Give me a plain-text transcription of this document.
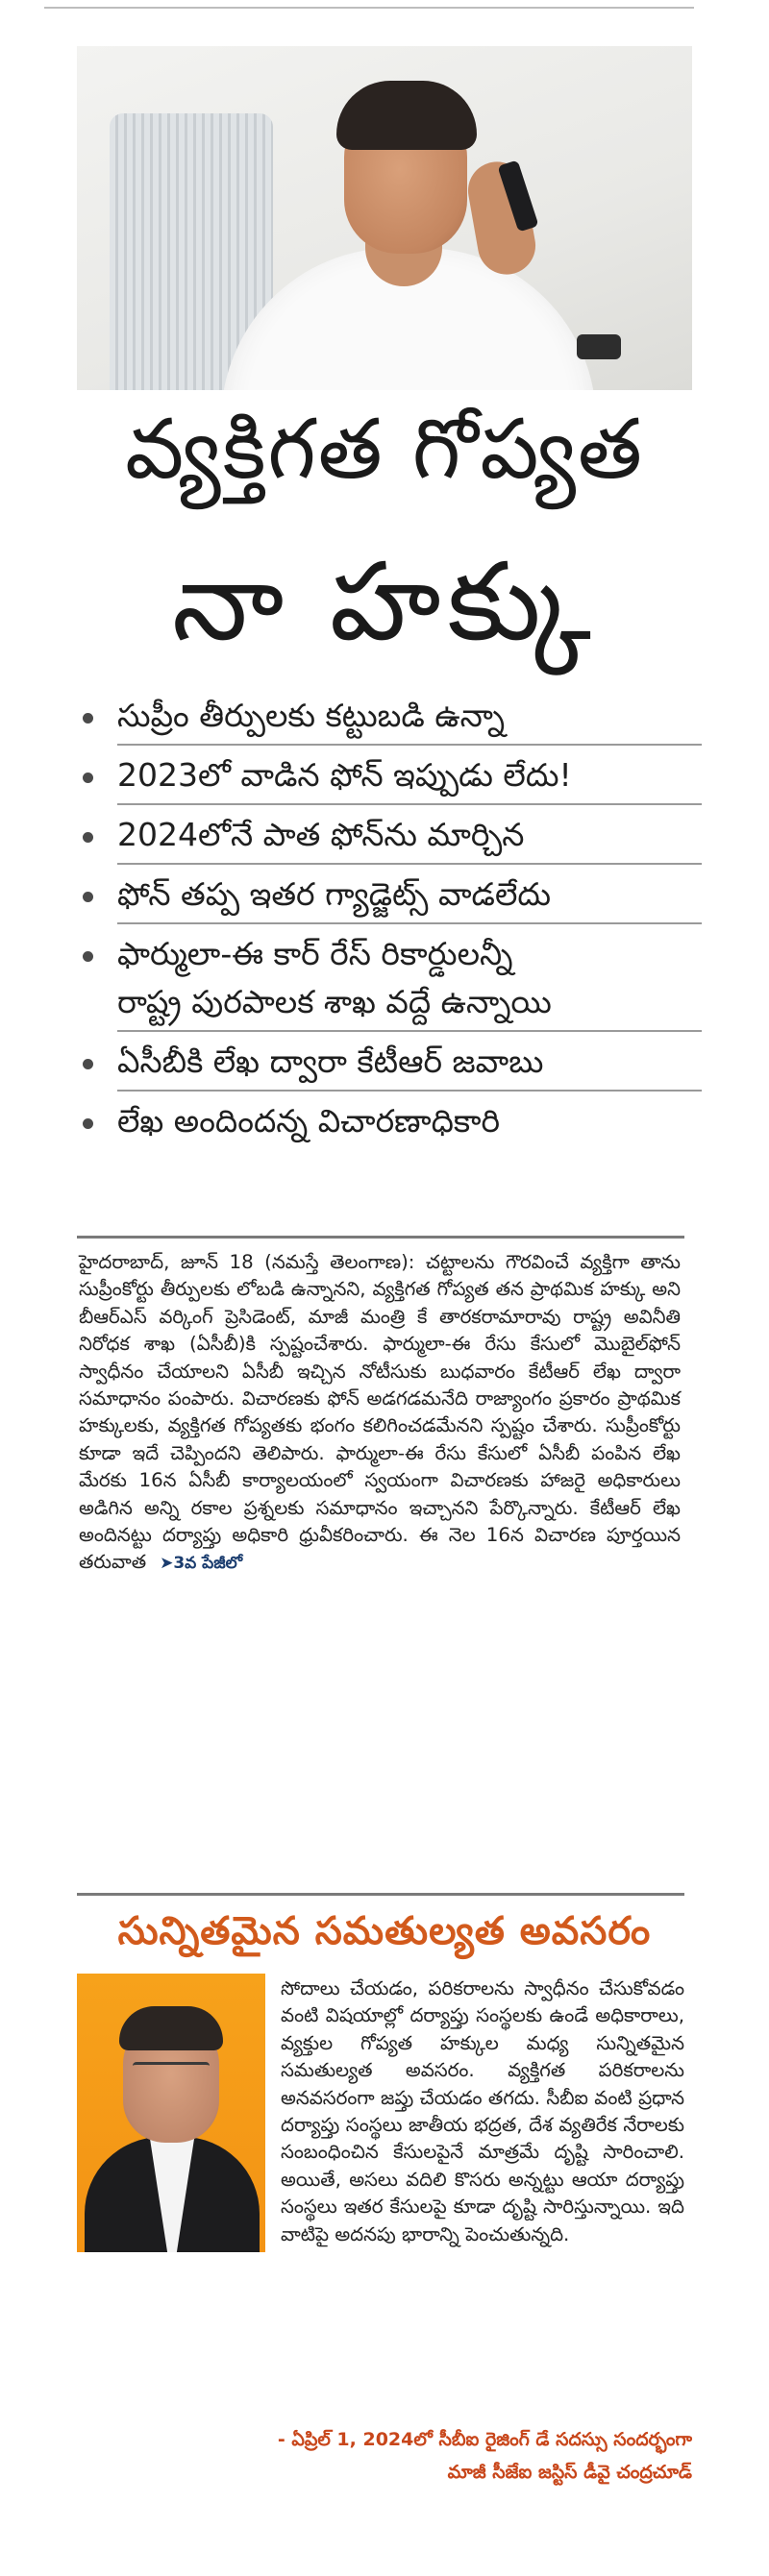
వ్యక్తిగత గోప్యత
నా హక్కు
సుప్రీం తీర్పులకు కట్టుబడి ఉన్నా
2023లో వాడిన ఫోన్ ఇప్పుడు లేదు!
2024లోనే పాత ఫోన్‌ను మార్చిన
ఫోన్ తప్ప ఇతర గ్యాడ్జెట్స్ వాడలేదు
ఫార్ములా-ఈ కార్ రేస్ రికార్డులన్నీ
రాష్ట్ర పురపాలక శాఖ వద్దే ఉన్నాయి
ఏసీబీకి లేఖ ద్వారా కేటీఆర్ జవాబు
లేఖ అందిందన్న విచారణాధికారి
హైదరాబాద్, జూన్ 18 (నమస్తే తెలంగాణ): చట్టాలను గౌరవించే వ్యక్తిగా తాను సుప్రీంకోర్టు తీర్పులకు లోబడి ఉన్నానని, వ్యక్తిగత గోప్యత తన ప్రాథమిక హక్కు అని బీఆర్ఎస్ వర్కింగ్ ప్రెసిడెంట్, మాజీ మంత్రి కే తారకరామారావు రాష్ట్ర అవినీతి నిరోధక శాఖ (ఏసీబీ)కి స్పష్టంచేశారు. ఫార్ములా-ఈ రేసు కేసులో మొబైల్‌ఫోన్ స్వాధీనం చేయాలని ఏసీబీ ఇచ్చిన నోటీసుకు బుధవారం కేటీఆర్ లేఖ ద్వారా సమాధానం పంపారు. విచారణకు ఫోన్ అడగడమనేది రాజ్యాంగం ప్రకారం ప్రాథమిక హక్కులకు, వ్యక్తిగత గోప్యతకు భంగం కలిగించడమేనని స్పష్టం చేశారు. సుప్రీంకోర్టు కూడా ఇదే చెప్పిందని తెలిపారు. ఫార్ములా-ఈ రేసు కేసులో ఏసీబీ పంపిన లేఖ మేరకు 16న ఏసీబీ కార్యాలయంలో స్వయంగా విచారణకు హాజరై అధికారులు అడిగిన అన్ని రకాల ప్రశ్నలకు సమాధానం ఇచ్చానని పేర్కొన్నారు. కేటీఆర్ లేఖ అందినట్టు దర్యాప్తు అధికారి ధ్రువీకరించారు. ఈ నెల 16న విచారణ పూర్తయిన తరువాత ➤3వ పేజీలో
సున్నితమైన సమతుల్యత అవసరం
సోదాలు చేయడం, పరికరాలను స్వాధీనం చేసుకోవడం వంటి విషయాల్లో దర్యాప్తు సంస్థలకు ఉండే అధికారాలు, వ్యక్తుల గోప్యత హక్కుల మధ్య సున్నితమైన సమతుల్యత అవసరం. వ్యక్తిగత పరికరాలను అనవసరంగా జప్తు చేయడం తగదు. సీబీఐ వంటి ప్రధాన దర్యాప్తు సంస్థలు జాతీయ భద్రత, దేశ వ్యతిరేక నేరాలకు సంబంధించిన కేసులపైనే మాత్రమే దృష్టి సారించాలి. అయితే, అసలు వదిలి కొసరు అన్నట్టు ఆయా దర్యాప్తు సంస్థలు ఇతర కేసులపై కూడా దృష్టి సారిస్తున్నాయి. ఇది వాటిపై అదనపు భారాన్ని పెంచుతున్నది.
- ఏప్రిల్ 1, 2024లో సీబీఐ రైజింగ్ డే సదస్సు సందర్భంగా
మాజీ సీజేఐ జస్టిస్ డీవై చంద్రచూడ్
